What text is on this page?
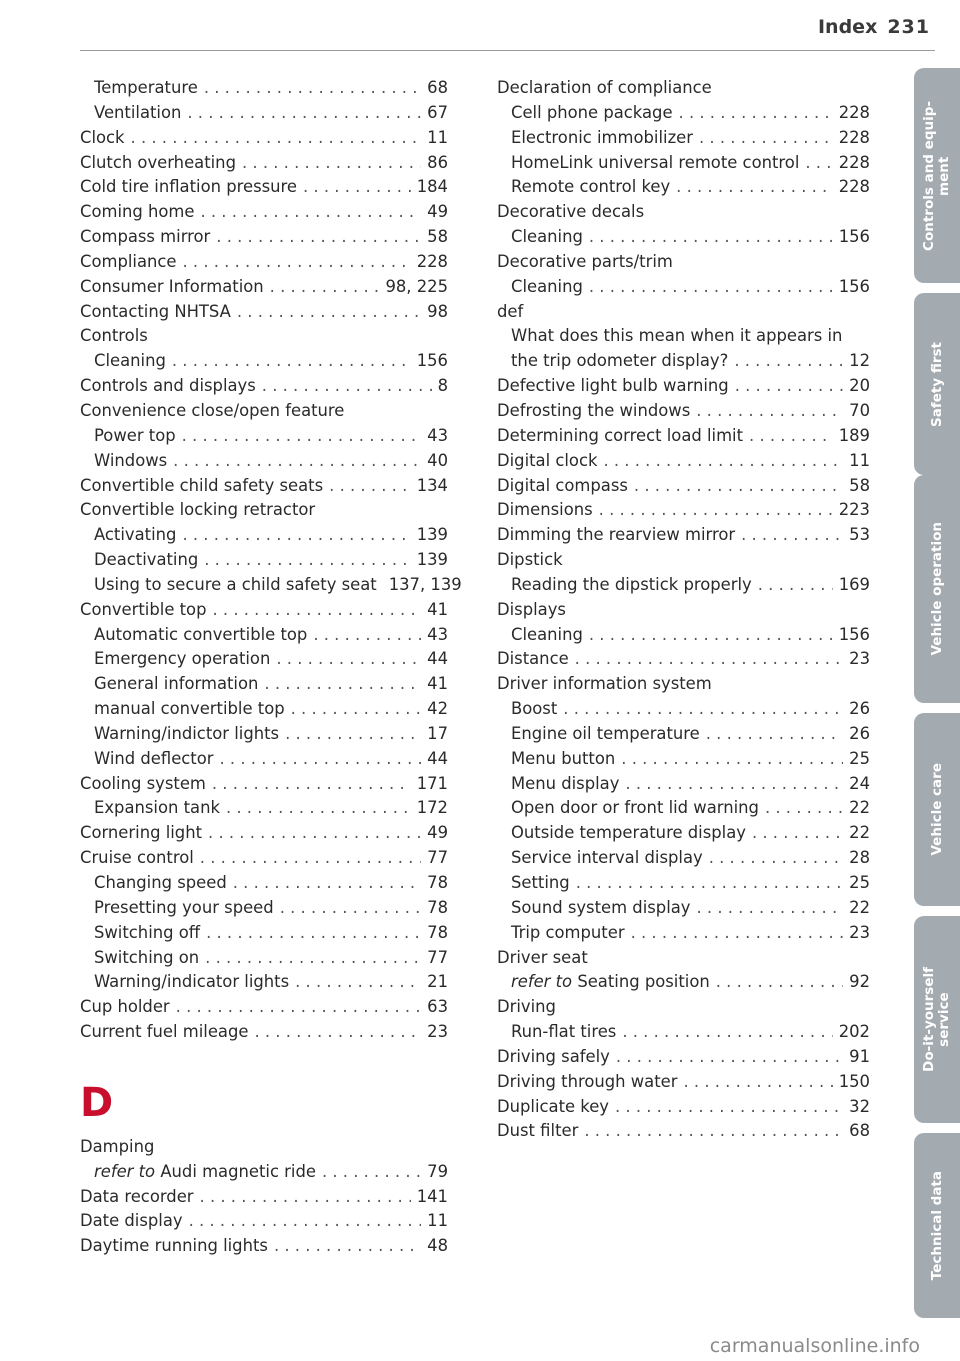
Index 231
Temperature . . .	68
Ventilation . . .	67
Clock . . .	11
Clutch overheating . . .	86
Cold tire inflation pressure . . .	184
Coming home . . .	49
Compass mirror . . .	58
Compliance . . .	228
Consumer Information . . .	98, 225
Contacting NHTSA . . .	98
Controls
Cleaning . . .	156
Controls and displays . . .	8
Convenience close/open feature
Power top . . .	43
Windows . . .	40
Convertible child safety seats . . .	134
Convertible locking retractor
Activating . . .	139
Deactivating . . .	139
Using to secure a child safety seat 137, 139
Convertible top . . .	41
Automatic convertible top . . .	43
Emergency operation . . .	44
General information . . .	41
manual convertible top . . .	42
Warning/indictor lights . . .	17
Wind deflector . . .	44
Cooling system . . .	171
Expansion tank . . .	172
Cornering light . . .	49
Cruise control . . .	77
Changing speed . . .	78
Presetting your speed . . .	78
Switching off . . .	78
Switching on . . .	77
Warning/indicator lights . . .	21
Cup holder . . .	63
Current fuel mileage . . .	23
D
Damping
refer to Audi magnetic ride . . .	79
Data recorder . . .	141
Date display . . .	11
Daytime running lights . . .	48
Declaration of compliance
Cell phone package . . .	228
Electronic immobilizer . . .	228
HomeLink universal remote control . . . 228
Remote control key . . .	228
Decorative decals
Cleaning . . .	156
Decorative parts/trim
Cleaning . . .	156
def
What does this mean when it appears in
the trip odometer display? . . .	12
Defective light bulb warning . . .	20
Defrosting the windows . . .	70
Determining correct load limit . . .	189
Digital clock . . .	11
Digital compass . . .	58
Dimensions . . .	223
Dimming the rearview mirror . . .	53
Dipstick
Reading the dipstick properly . . .	169
Displays
Cleaning . . .	156
Distance . . .	23
Driver information system
Boost . . .	26
Engine oil temperature . . .	26
Menu button . . .	25
Menu display . . .	24
Open door or front lid warning . . .	22
Outside temperature display . . .	22
Service interval display . . .	28
Setting . . .	25
Sound system display . . .	22
Trip computer . . .	23
Driver seat
refer to Seating position . . .	92
Driving
Run-flat tires . . .	202
Driving safely . . .	91
Driving through water . . .	150
Duplicate key . . .	32
Dust filter . . .	68
Controls and equip-
ment
Safety first
Vehicle operation
Vehicle care
Do-it-yourself
service
Technical data
carmanualsonline.info
